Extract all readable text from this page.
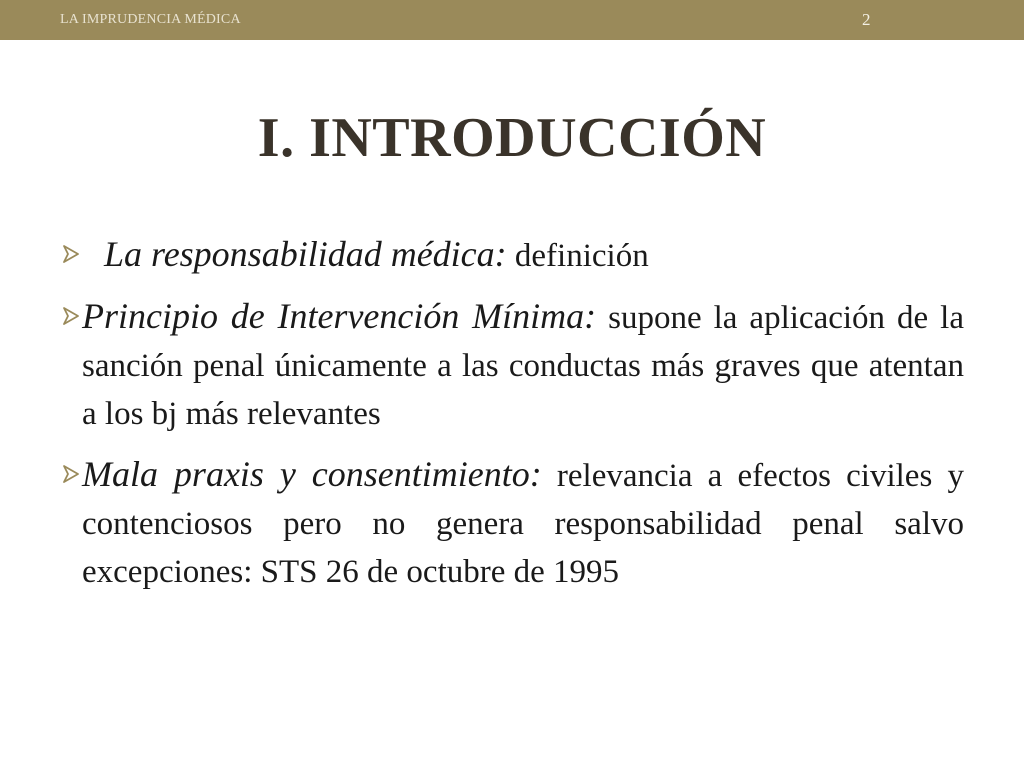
LA IMPRUDENCIA MÉDICA	2
I. INTRODUCCIÓN
La responsabilidad médica: definición
Principio de Intervención Mínima: supone la aplicación de la sanción penal únicamente a las conductas más graves que atentan a los bj más relevantes
Mala praxis y consentimiento: relevancia a efectos civiles y contenciosos pero no genera responsabilidad penal salvo excepciones: STS 26 de octubre de 1995
